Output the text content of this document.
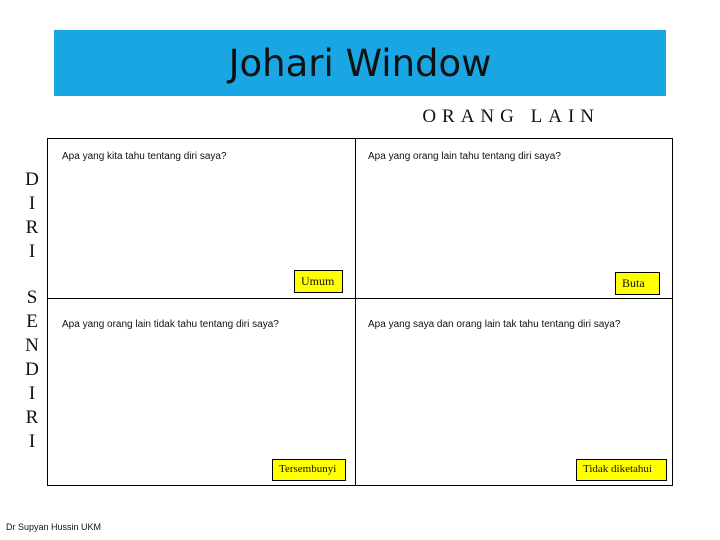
Johari Window
ORANG LAIN
D
I
R
I
S
E
N
D
I
R
I
Apa yang kita tahu tentang diri saya?	Apa yang orang lain tahu tentang diri saya?
Apa yang orang lain tidak tahu tentang diri saya?	Apa yang saya dan orang lain tak tahu tentang diri saya?
Umum	Buta
Tersembunyi	Tidak diketahui
Dr Supyan Hussin UKM
